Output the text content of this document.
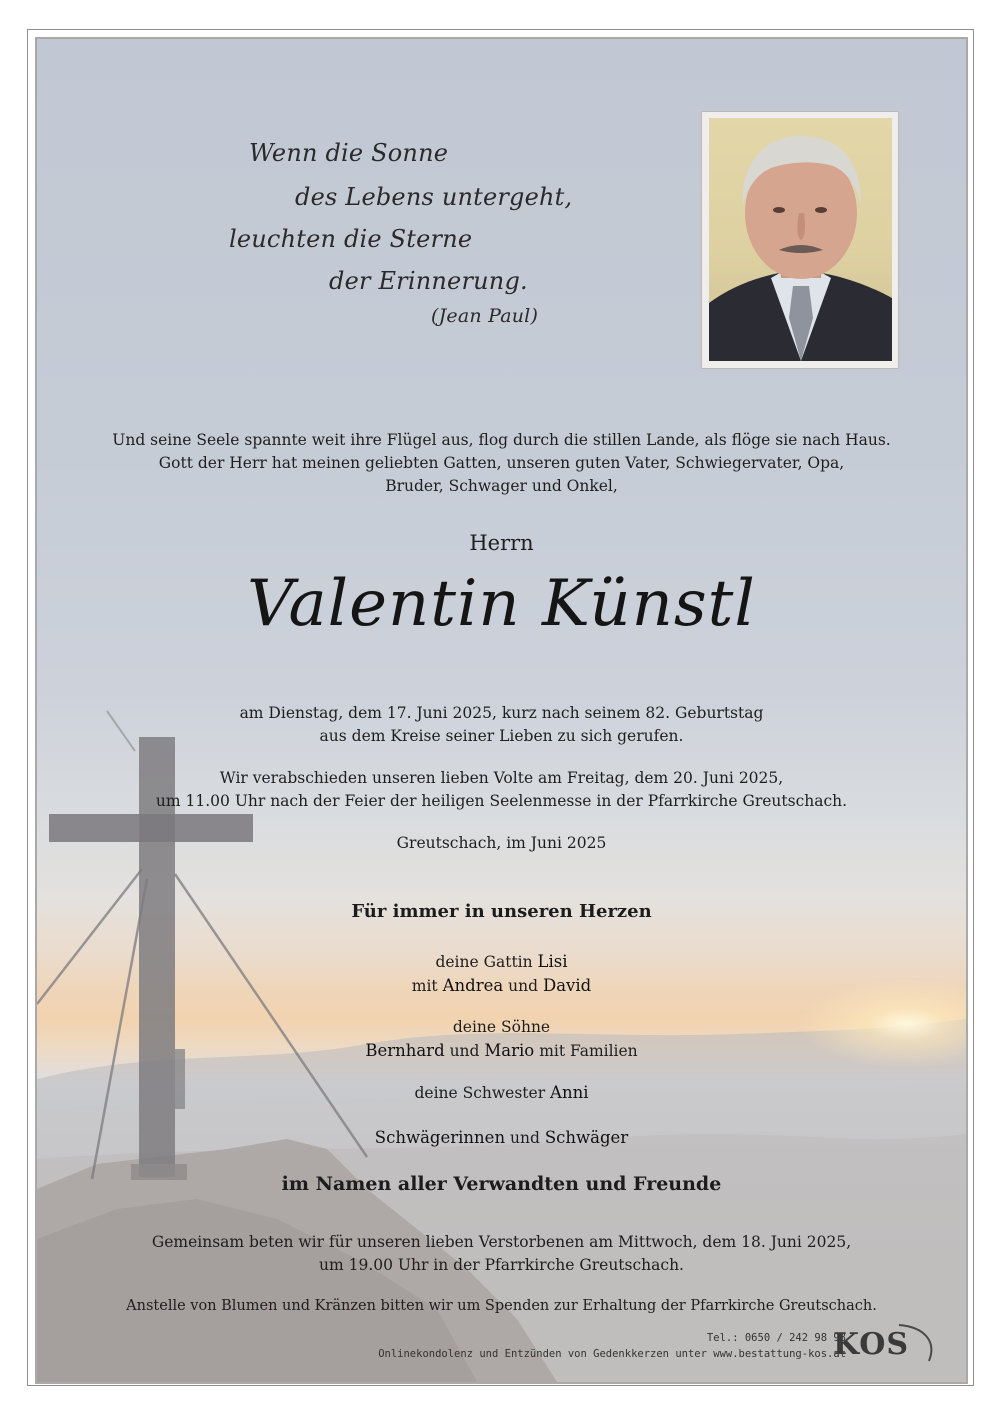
Wenn die Sonne
des Lebens untergeht,
leuchten die Sterne
der Erinnerung.
(Jean Paul)

Und seine Seele spannte weit ihre Flügel aus, flog durch die stillen Lande, als flöge sie nach Haus.

Gott der Herr hat meinen geliebten Gatten, unseren guten Vater, Schwiegervater, Opa,

Bruder, Schwager und Onkel,

Herrn
Valentin Künstl

am Dienstag, dem 17. Juni 2025, kurz nach seinem 82. Geburtstag

aus dem Kreise seiner Lieben zu sich gerufen.

Wir verabschieden unseren lieben Volte am Freitag, dem 20. Juni 2025,

um 11.00 Uhr nach der Feier der heiligen Seelenmesse in der Pfarrkirche Greutschach.

Greutschach, im Juni 2025

Für immer in unseren Herzen

deine Gattin Lisi

mit Andrea und David

deine Söhne

Bernhard und Mario mit Familien

deine Schwester Anni

Schwägerinnen und Schwäger

im Namen aller Verwandten und Freunde

Gemeinsam beten wir für unseren lieben Verstorbenen am Mittwoch, dem 18. Juni 2025,

um 19.00 Uhr in der Pfarrkirche Greutschach.

Anstelle von Blumen und Kränzen bitten wir um Spenden zur Erhaltung der Pfarrkirche Greutschach.

Tel.: 0650 / 242 98 98
Onlinekondolenz und Entzünden von Gedenkkerzen unter www.bestattung-kos.at
KOS
